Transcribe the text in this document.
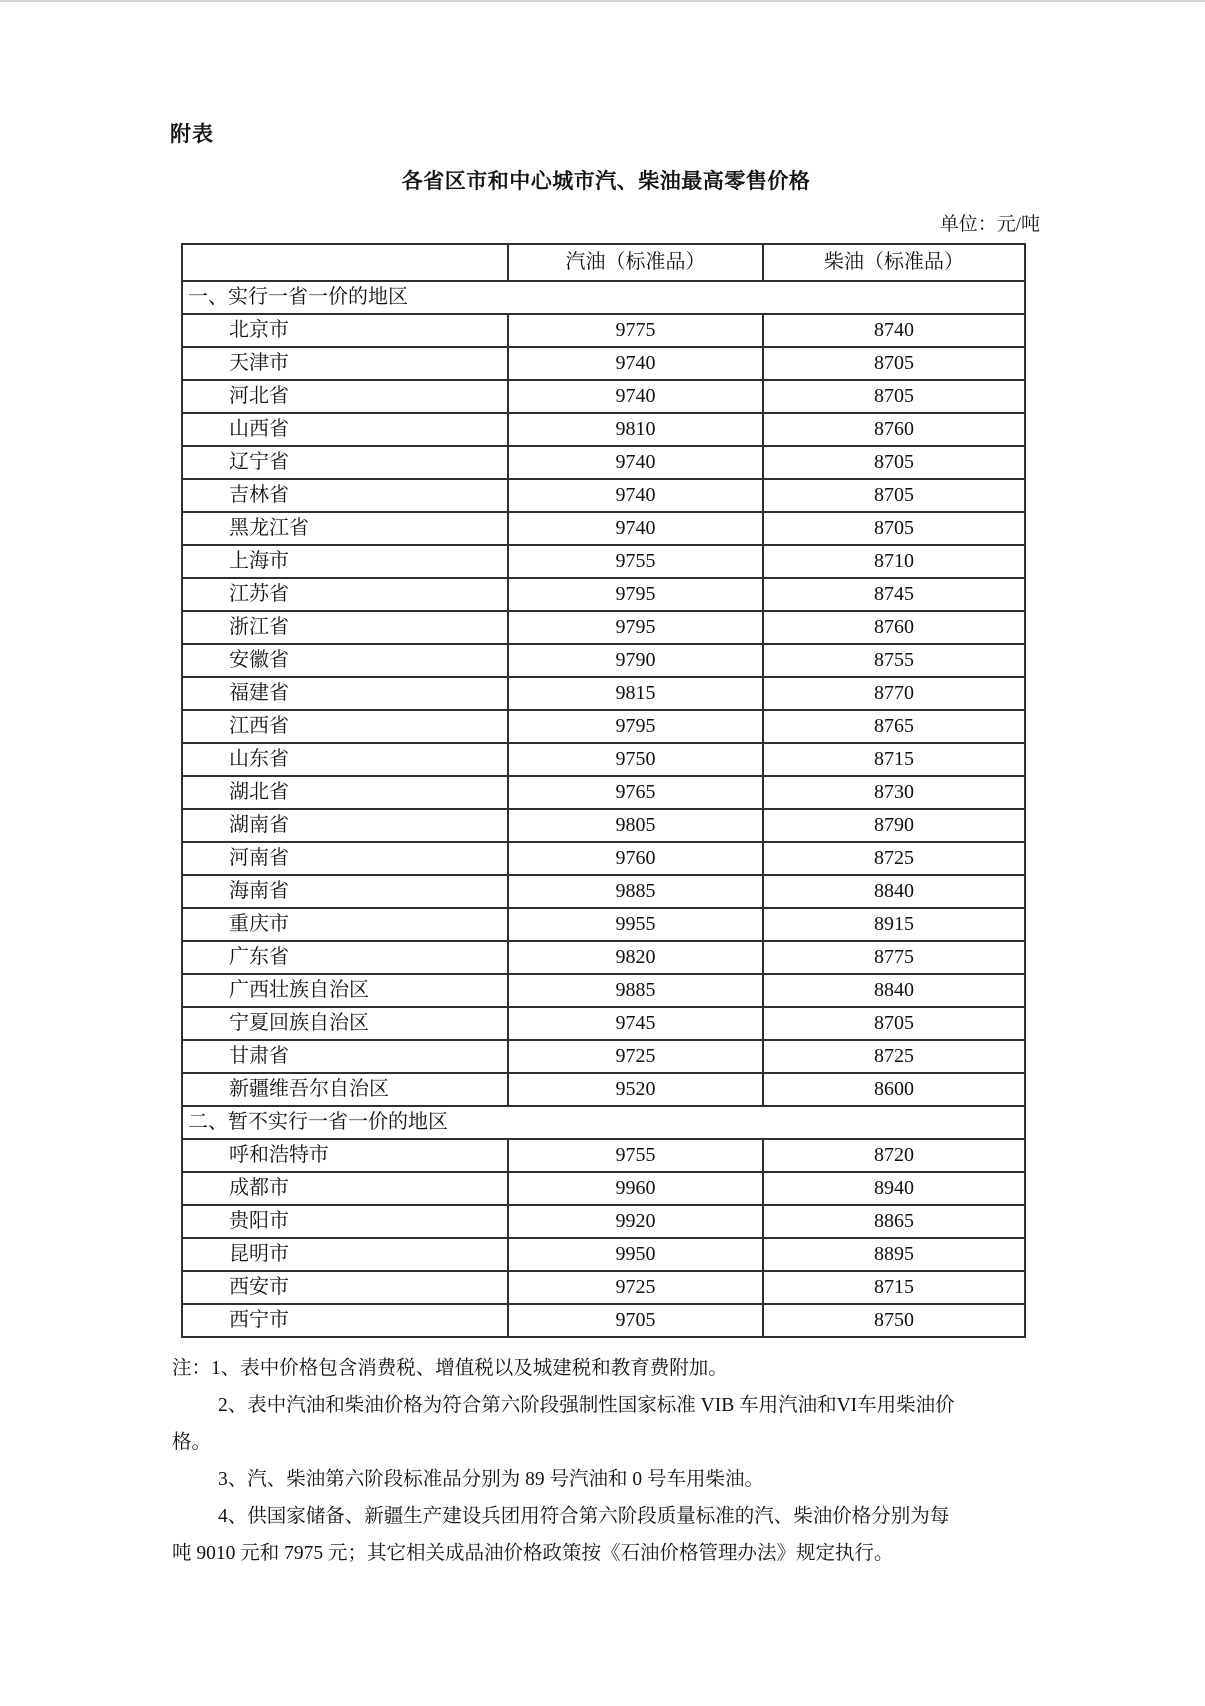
附表
各省区市和中心城市汽、柴油最高零售价格
单位：元/吨
	汽油（标准品）	柴油（标准品）
一、实行一省一价的地区		
北京市	9775	8740
天津市	9740	8705
河北省	9740	8705
山西省	9810	8760
辽宁省	9740	8705
吉林省	9740	8705
黑龙江省	9740	8705
上海市	9755	8710
江苏省	9795	8745
浙江省	9795	8760
安徽省	9790	8755
福建省	9815	8770
江西省	9795	8765
山东省	9750	8715
湖北省	9765	8730
湖南省	9805	8790
河南省	9760	8725
海南省	9885	8840
重庆市	9955	8915
广东省	9820	8775
广西壮族自治区	9885	8840
宁夏回族自治区	9745	8705
甘肃省	9725	8725
新疆维吾尔自治区	9520	8600
二、暂不实行一省一价的地区		
呼和浩特市	9755	8720
成都市	9960	8940
贵阳市	9920	8865
昆明市	9950	8895
西安市	9725	8715
西宁市	9705	8750
注：1、表中价格包含消费税、增值税以及城建税和教育费附加。
2、表中汽油和柴油价格为符合第六阶段强制性国家标准 VIB 车用汽油和VI车用柴油价
格。
3、汽、柴油第六阶段标准品分别为 89 号汽油和 0 号车用柴油。
4、供国家储备、新疆生产建设兵团用符合第六阶段质量标准的汽、柴油价格分别为每
吨 9010 元和 7975 元；其它相关成品油价格政策按《石油价格管理办法》规定执行。
